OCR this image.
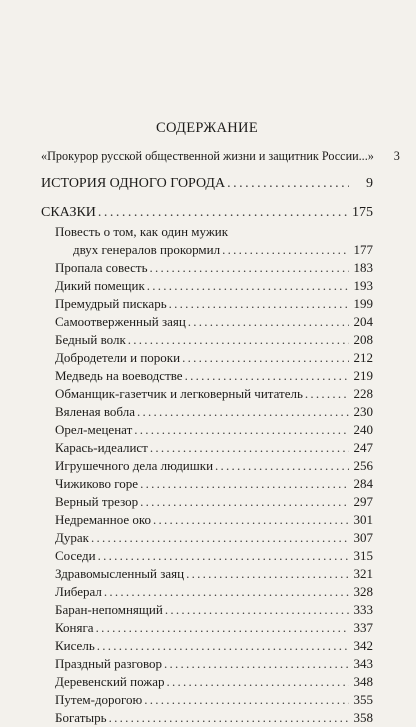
СОДЕРЖАНИЕ
«Прокурор русской общественной жизни и защитник России...»	3
ИСТОРИЯ ОДНОГО ГОРОДА . . .	9
СКАЗКИ . . .	175
Повесть о том, как один мужик
двух генералов прокормил . . .	177
Пропала совесть . . .	183
Дикий помещик . . .	193
Премудрый пискарь . . .	199
Самоотверженный заяц . . .	204
Бедный волк . . .	208
Добродетели и пороки . . .	212
Медведь на воеводстве . . .	219
Обманщик-газетчик и легковерный читатель . . .	228
Вяленая вобла . . .	230
Орел-меценат . . .	240
Карась-идеалист . . .	247
Игрушечного дела людишки . . .	256
Чижиково горе . . .	284
Верный трезор . . .	297
Недреманное око . . .	301
Дурак . . .	307
Соседи . . .	315
Здравомысленный заяц . . .	321
Либерал . . .	328
Баран-непомнящий . . .	333
Коняга . . .	337
Кисель . . .	342
Праздный разговор . . .	343
Деревенский пожар . . .	348
Путем-дорогою . . .	355
Богатырь . . .	358
